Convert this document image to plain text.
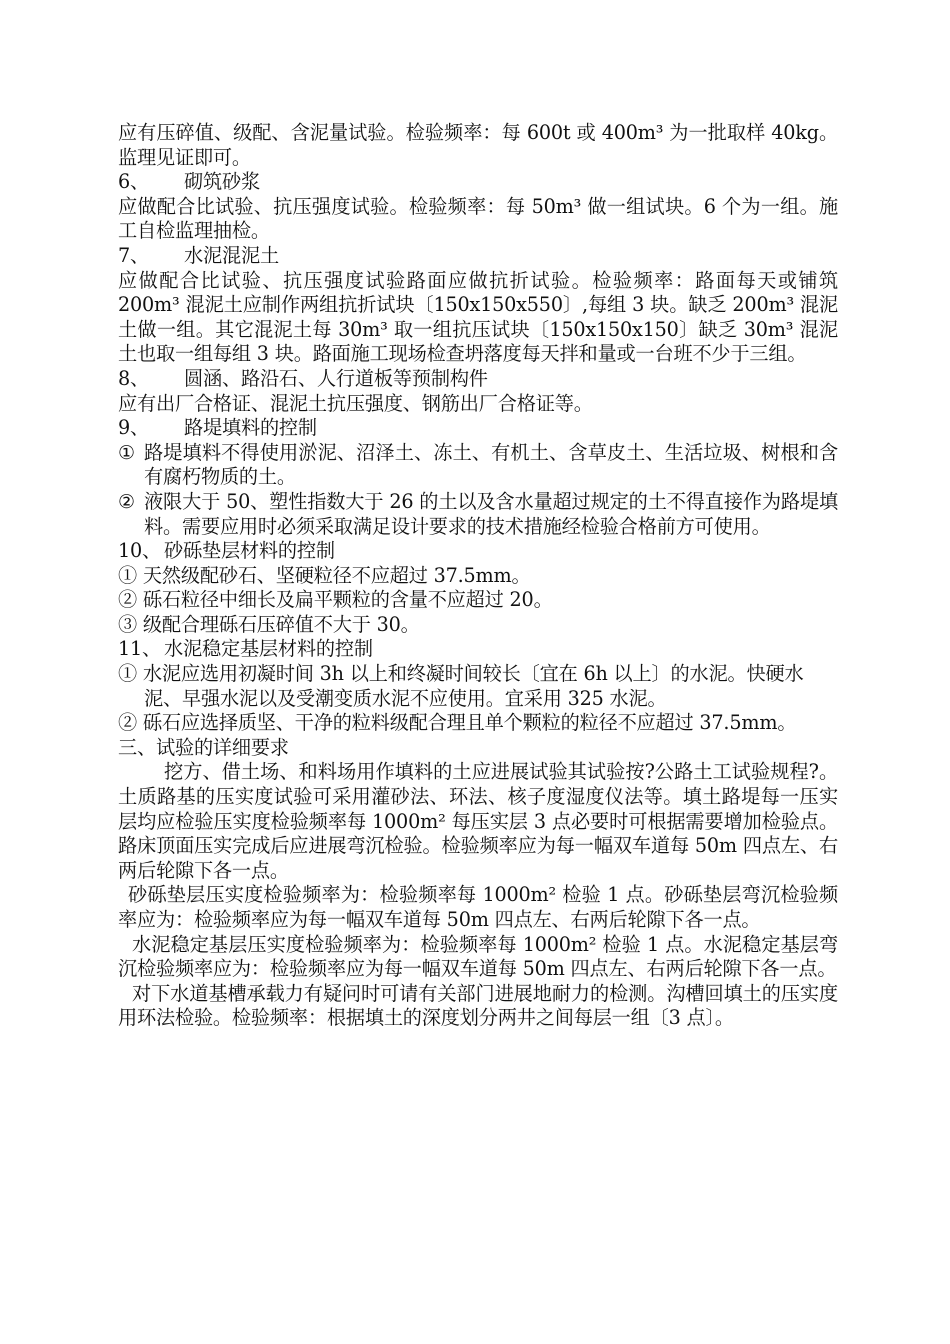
应有压碎值、级配、含泥量试验。检验频率：每 600t 或 400m³ 为一批取样 40kg。监理见证即可。

6、 砌筑砂浆

应做配合比试验、抗压强度试验。检验频率：每 50m³ 做一组试块。6 个为一组。施工自检监理抽检。

7、 水泥混泥土

应做配合比试验、抗压强度试验路面应做抗折试验。检验频率：路面每天或铺筑 200m³ 混泥土应制作两组抗折试块〔150x150x550〕,每组 3 块。缺乏 200m³ 混泥土做一组。其它混泥土每 30m³ 取一组抗压试块〔150x150x150〕缺乏 30m³ 混泥土也取一组每组 3 块。路面施工现场检查坍落度每天拌和量或一台班不少于三组。

8、 圆涵、路沿石、人行道板等预制构件

应有出厂合格证、混泥土抗压强度、钢筋出厂合格证等。

9、 路堤填料的控制

① 路堤填料不得使用淤泥、沼泽土、冻土、有机土、含草皮土、生活垃圾、树根和含有腐朽物质的土。
② 液限大于 50、塑性指数大于 26 的土以及含水量超过规定的土不得直接作为路堤填料。需要应用时必须采取满足设计要求的技术措施经检验合格前方可使用。

10、 砂砾垫层材料的控制

① 天然级配砂石、坚硬粒径不应超过 37.5mm。

② 砾石粒径中细长及扁平颗粒的含量不应超过 20。

③ 级配合理砾石压碎值不大于 30。

11、 水泥稳定基层材料的控制

① 水泥应选用初凝时间 3h 以上和终凝时间较长〔宜在 6h 以上〕的水泥。快硬水泥、早强水泥以及受潮变质水泥不应使用。宜采用 325 水泥。

② 砾石应选择质坚、干净的粒料级配合理且单个颗粒的粒径不应超过 37.5mm。

三、试验的详细要求

挖方、借土场、和料场用作填料的土应进展试验其试验按?公路土工试验规程?。土质路基的压实度试验可采用灌砂法、环法、核子度湿度仪法等。填土路堤每一压实层均应检验压实度检验频率每 1000m² 每压实层 3 点必要时可根据需要增加检验点。路床顶面压实完成后应进展弯沉检验。检验频率应为每一幅双车道每 50m 四点左、右两后轮隙下各一点。

砂砾垫层压实度检验频率为：检验频率每 1000m² 检验 1 点。砂砾垫层弯沉检验频率应为：检验频率应为每一幅双车道每 50m 四点左、右两后轮隙下各一点。

水泥稳定基层压实度检验频率为：检验频率每 1000m² 检验 1 点。水泥稳定基层弯沉检验频率应为：检验频率应为每一幅双车道每 50m 四点左、右两后轮隙下各一点。

对下水道基槽承载力有疑问时可请有关部门进展地耐力的检测。沟槽回填土的压实度用环法检验。检验频率：根据填土的深度划分两井之间每层一组〔3 点〕。
